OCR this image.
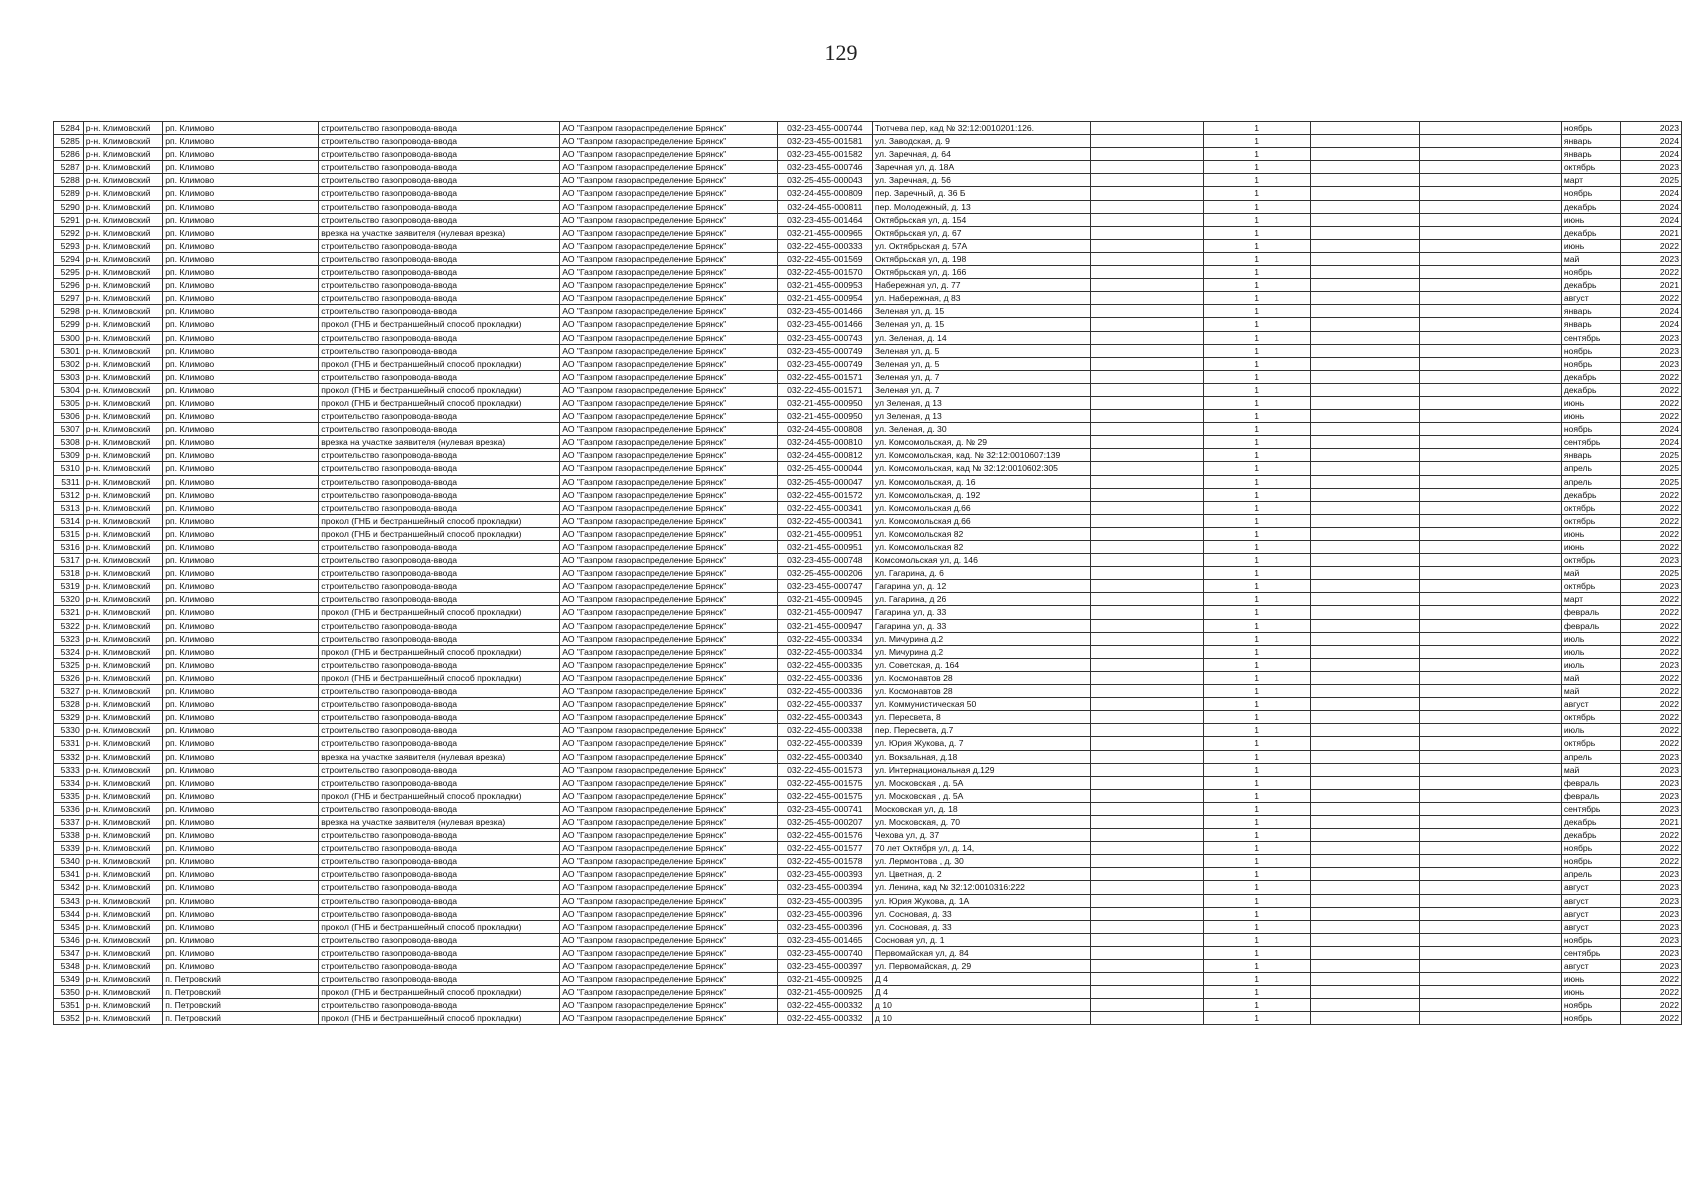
129
5284	р-н. Климовский	рп. Климово	строительство газопровода-ввода	АО "Газпром газораспределение Брянск"	032-23-455-000744	Тютчева пер, кад № 32:12:0010201:126.		1			ноябрь	2023
5285	р-н. Климовский	рп. Климово	строительство газопровода-ввода	АО "Газпром газораспределение Брянск"	032-23-455-001581	ул. Заводская, д. 9		1			январь	2024
5286	р-н. Климовский	рп. Климово	строительство газопровода-ввода	АО "Газпром газораспределение Брянск"	032-23-455-001582	ул. Заречная, д. 64		1			январь	2024
5287	р-н. Климовский	рп. Климово	строительство газопровода-ввода	АО "Газпром газораспределение Брянск"	032-23-455-000746	Заречная ул, д. 18А		1			октябрь	2023
5288	р-н. Климовский	рп. Климово	строительство газопровода-ввода	АО "Газпром газораспределение Брянск"	032-25-455-000043	ул. Заречная, д. 56		1			март	2025
5289	р-н. Климовский	рп. Климово	строительство газопровода-ввода	АО "Газпром газораспределение Брянск"	032-24-455-000809	пер. Заречный, д. 36 Б		1			ноябрь	2024
5290	р-н. Климовский	рп. Климово	строительство газопровода-ввода	АО "Газпром газораспределение Брянск"	032-24-455-000811	пер. Молодежный, д. 13		1			декабрь	2024
5291	р-н. Климовский	рп. Климово	строительство газопровода-ввода	АО "Газпром газораспределение Брянск"	032-23-455-001464	Октябрьская ул, д. 154		1			июнь	2024
5292	р-н. Климовский	рп. Климово	врезка на участке заявителя (нулевая врезка)	АО "Газпром газораспределение Брянск"	032-21-455-000965	Октябрьская ул, д. 67		1			декабрь	2021
5293	р-н. Климовский	рп. Климово	строительство газопровода-ввода	АО "Газпром газораспределение Брянск"	032-22-455-000333	ул. Октябрьская д. 57А		1			июнь	2022
5294	р-н. Климовский	рп. Климово	строительство газопровода-ввода	АО "Газпром газораспределение Брянск"	032-22-455-001569	Октябрьская ул, д. 198		1			май	2023
5295	р-н. Климовский	рп. Климово	строительство газопровода-ввода	АО "Газпром газораспределение Брянск"	032-22-455-001570	Октябрьская ул, д. 166		1			ноябрь	2022
5296	р-н. Климовский	рп. Климово	строительство газопровода-ввода	АО "Газпром газораспределение Брянск"	032-21-455-000953	Набережная ул, д. 77		1			декабрь	2021
5297	р-н. Климовский	рп. Климово	строительство газопровода-ввода	АО "Газпром газораспределение Брянск"	032-21-455-000954	ул. Набережная, д 83		1			август	2022
5298	р-н. Климовский	рп. Климово	строительство газопровода-ввода	АО "Газпром газораспределение Брянск"	032-23-455-001466	Зеленая ул, д. 15		1			январь	2024
5299	р-н. Климовский	рп. Климово	прокол (ГНБ и бестраншейный способ прокладки)	АО "Газпром газораспределение Брянск"	032-23-455-001466	Зеленая ул, д. 15		1			январь	2024
5300	р-н. Климовский	рп. Климово	строительство газопровода-ввода	АО "Газпром газораспределение Брянск"	032-23-455-000743	ул. Зеленая, д. 14		1			сентябрь	2023
5301	р-н. Климовский	рп. Климово	строительство газопровода-ввода	АО "Газпром газораспределение Брянск"	032-23-455-000749	Зеленая ул, д. 5		1			ноябрь	2023
5302	р-н. Климовский	рп. Климово	прокол (ГНБ и бестраншейный способ прокладки)	АО "Газпром газораспределение Брянск"	032-23-455-000749	Зеленая ул, д. 5		1			ноябрь	2023
5303	р-н. Климовский	рп. Климово	строительство газопровода-ввода	АО "Газпром газораспределение Брянск"	032-22-455-001571	Зеленая ул, д. 7		1			декабрь	2022
5304	р-н. Климовский	рп. Климово	прокол (ГНБ и бестраншейный способ прокладки)	АО "Газпром газораспределение Брянск"	032-22-455-001571	Зеленая ул, д. 7		1			декабрь	2022
5305	р-н. Климовский	рп. Климово	прокол (ГНБ и бестраншейный способ прокладки)	АО "Газпром газораспределение Брянск"	032-21-455-000950	ул Зеленая, д 13		1			июнь	2022
5306	р-н. Климовский	рп. Климово	строительство газопровода-ввода	АО "Газпром газораспределение Брянск"	032-21-455-000950	ул Зеленая, д 13		1			июнь	2022
5307	р-н. Климовский	рп. Климово	строительство газопровода-ввода	АО "Газпром газораспределение Брянск"	032-24-455-000808	ул. Зеленая, д. 30		1			ноябрь	2024
5308	р-н. Климовский	рп. Климово	врезка на участке заявителя (нулевая врезка)	АО "Газпром газораспределение Брянск"	032-24-455-000810	ул. Комсомольская, д. № 29		1			сентябрь	2024
5309	р-н. Климовский	рп. Климово	строительство газопровода-ввода	АО "Газпром газораспределение Брянск"	032-24-455-000812	ул. Комсомольская, кад. № 32:12:0010607:139		1			январь	2025
5310	р-н. Климовский	рп. Климово	строительство газопровода-ввода	АО "Газпром газораспределение Брянск"	032-25-455-000044	ул. Комсомольская, кад № 32:12:0010602:305		1			апрель	2025
5311	р-н. Климовский	рп. Климово	строительство газопровода-ввода	АО "Газпром газораспределение Брянск"	032-25-455-000047	ул. Комсомольская, д. 16		1			апрель	2025
5312	р-н. Климовский	рп. Климово	строительство газопровода-ввода	АО "Газпром газораспределение Брянск"	032-22-455-001572	ул. Комсомольская, д. 192		1			декабрь	2022
5313	р-н. Климовский	рп. Климово	строительство газопровода-ввода	АО "Газпром газораспределение Брянск"	032-22-455-000341	ул. Комсомольская д.66		1			октябрь	2022
5314	р-н. Климовский	рп. Климово	прокол (ГНБ и бестраншейный способ прокладки)	АО "Газпром газораспределение Брянск"	032-22-455-000341	ул. Комсомольская д.66		1			октябрь	2022
5315	р-н. Климовский	рп. Климово	прокол (ГНБ и бестраншейный способ прокладки)	АО "Газпром газораспределение Брянск"	032-21-455-000951	ул. Комсомольская 82		1			июнь	2022
5316	р-н. Климовский	рп. Климово	строительство газопровода-ввода	АО "Газпром газораспределение Брянск"	032-21-455-000951	ул. Комсомольская 82		1			июнь	2022
5317	р-н. Климовский	рп. Климово	строительство газопровода-ввода	АО "Газпром газораспределение Брянск"	032-23-455-000748	Комсомольская ул, д. 146		1			октябрь	2023
5318	р-н. Климовский	рп. Климово	строительство газопровода-ввода	АО "Газпром газораспределение Брянск"	032-25-455-000206	ул. Гагарина, д. 6		1			май	2025
5319	р-н. Климовский	рп. Климово	строительство газопровода-ввода	АО "Газпром газораспределение Брянск"	032-23-455-000747	Гагарина ул, д. 12		1			октябрь	2023
5320	р-н. Климовский	рп. Климово	строительство газопровода-ввода	АО "Газпром газораспределение Брянск"	032-21-455-000945	ул. Гагарина, д 26		1			март	2022
5321	р-н. Климовский	рп. Климово	прокол (ГНБ и бестраншейный способ прокладки)	АО "Газпром газораспределение Брянск"	032-21-455-000947	Гагарина ул, д. 33		1			февраль	2022
5322	р-н. Климовский	рп. Климово	строительство газопровода-ввода	АО "Газпром газораспределение Брянск"	032-21-455-000947	Гагарина ул, д. 33		1			февраль	2022
5323	р-н. Климовский	рп. Климово	строительство газопровода-ввода	АО "Газпром газораспределение Брянск"	032-22-455-000334	ул. Мичурина д.2		1			июль	2022
5324	р-н. Климовский	рп. Климово	прокол (ГНБ и бестраншейный способ прокладки)	АО "Газпром газораспределение Брянск"	032-22-455-000334	ул. Мичурина д.2		1			июль	2022
5325	р-н. Климовский	рп. Климово	строительство газопровода-ввода	АО "Газпром газораспределение Брянск"	032-22-455-000335	ул. Советская, д. 164		1			июль	2023
5326	р-н. Климовский	рп. Климово	прокол (ГНБ и бестраншейный способ прокладки)	АО "Газпром газораспределение Брянск"	032-22-455-000336	ул. Космонавтов 28		1			май	2022
5327	р-н. Климовский	рп. Климово	строительство газопровода-ввода	АО "Газпром газораспределение Брянск"	032-22-455-000336	ул. Космонавтов 28		1			май	2022
5328	р-н. Климовский	рп. Климово	строительство газопровода-ввода	АО "Газпром газораспределение Брянск"	032-22-455-000337	ул. Коммунистическая 50		1			август	2022
5329	р-н. Климовский	рп. Климово	строительство газопровода-ввода	АО "Газпром газораспределение Брянск"	032-22-455-000343	ул. Пересвета, 8		1			октябрь	2022
5330	р-н. Климовский	рп. Климово	строительство газопровода-ввода	АО "Газпром газораспределение Брянск"	032-22-455-000338	пер. Пересвета, д.7		1			июль	2022
5331	р-н. Климовский	рп. Климово	строительство газопровода-ввода	АО "Газпром газораспределение Брянск"	032-22-455-000339	ул. Юрия Жукова, д. 7		1			октябрь	2022
5332	р-н. Климовский	рп. Климово	врезка на участке заявителя (нулевая врезка)	АО "Газпром газораспределение Брянск"	032-22-455-000340	ул. Вокзальная, д.18		1			апрель	2023
5333	р-н. Климовский	рп. Климово	строительство газопровода-ввода	АО "Газпром газораспределение Брянск"	032-22-455-001573	ул. Интернациональная д.129		1			май	2023
5334	р-н. Климовский	рп. Климово	строительство газопровода-ввода	АО "Газпром газораспределение Брянск"	032-22-455-001575	ул. Московская , д. 5А		1			февраль	2023
5335	р-н. Климовский	рп. Климово	прокол (ГНБ и бестраншейный способ прокладки)	АО "Газпром газораспределение Брянск"	032-22-455-001575	ул. Московская , д. 5А		1			февраль	2023
5336	р-н. Климовский	рп. Климово	строительство газопровода-ввода	АО "Газпром газораспределение Брянск"	032-23-455-000741	Московская ул, д. 18		1			сентябрь	2023
5337	р-н. Климовский	рп. Климово	врезка на участке заявителя (нулевая врезка)	АО "Газпром газораспределение Брянск"	032-25-455-000207	ул. Московская, д. 70		1			декабрь	2021
5338	р-н. Климовский	рп. Климово	строительство газопровода-ввода	АО "Газпром газораспределение Брянск"	032-22-455-001576	Чехова ул, д. 37		1			декабрь	2022
5339	р-н. Климовский	рп. Климово	строительство газопровода-ввода	АО "Газпром газораспределение Брянск"	032-22-455-001577	70 лет Октября ул, д. 14,		1			ноябрь	2022
5340	р-н. Климовский	рп. Климово	строительство газопровода-ввода	АО "Газпром газораспределение Брянск"	032-22-455-001578	ул. Лермонтова , д. 30		1			ноябрь	2022
5341	р-н. Климовский	рп. Климово	строительство газопровода-ввода	АО "Газпром газораспределение Брянск"	032-23-455-000393	ул. Цветная, д. 2		1			апрель	2023
5342	р-н. Климовский	рп. Климово	строительство газопровода-ввода	АО "Газпром газораспределение Брянск"	032-23-455-000394	ул. Ленина, кад № 32:12:0010316:222		1			август	2023
5343	р-н. Климовский	рп. Климово	строительство газопровода-ввода	АО "Газпром газораспределение Брянск"	032-23-455-000395	ул. Юрия Жукова, д. 1А		1			август	2023
5344	р-н. Климовский	рп. Климово	строительство газопровода-ввода	АО "Газпром газораспределение Брянск"	032-23-455-000396	ул. Сосновая, д. 33		1			август	2023
5345	р-н. Климовский	рп. Климово	прокол (ГНБ и бестраншейный способ прокладки)	АО "Газпром газораспределение Брянск"	032-23-455-000396	ул. Сосновая, д. 33		1			август	2023
5346	р-н. Климовский	рп. Климово	строительство газопровода-ввода	АО "Газпром газораспределение Брянск"	032-23-455-001465	Сосновая ул, д. 1		1			ноябрь	2023
5347	р-н. Климовский	рп. Климово	строительство газопровода-ввода	АО "Газпром газораспределение Брянск"	032-23-455-000740	Первомайская ул, д. 84		1			сентябрь	2023
5348	р-н. Климовский	рп. Климово	строительство газопровода-ввода	АО "Газпром газораспределение Брянск"	032-23-455-000397	ул. Первомайская, д. 29		1			август	2023
5349	р-н. Климовский	п. Петровский	строительство газопровода-ввода	АО "Газпром газораспределение Брянск"	032-21-455-000925	Д 4		1			июнь	2022
5350	р-н. Климовский	п. Петровский	прокол (ГНБ и бестраншейный способ прокладки)	АО "Газпром газораспределение Брянск"	032-21-455-000925	Д 4		1			июнь	2022
5351	р-н. Климовский	п. Петровский	строительство газопровода-ввода	АО "Газпром газораспределение Брянск"	032-22-455-000332	д 10		1			ноябрь	2022
5352	р-н. Климовский	п. Петровский	прокол (ГНБ и бестраншейный способ прокладки)	АО "Газпром газораспределение Брянск"	032-22-455-000332	д 10		1			ноябрь	2022
